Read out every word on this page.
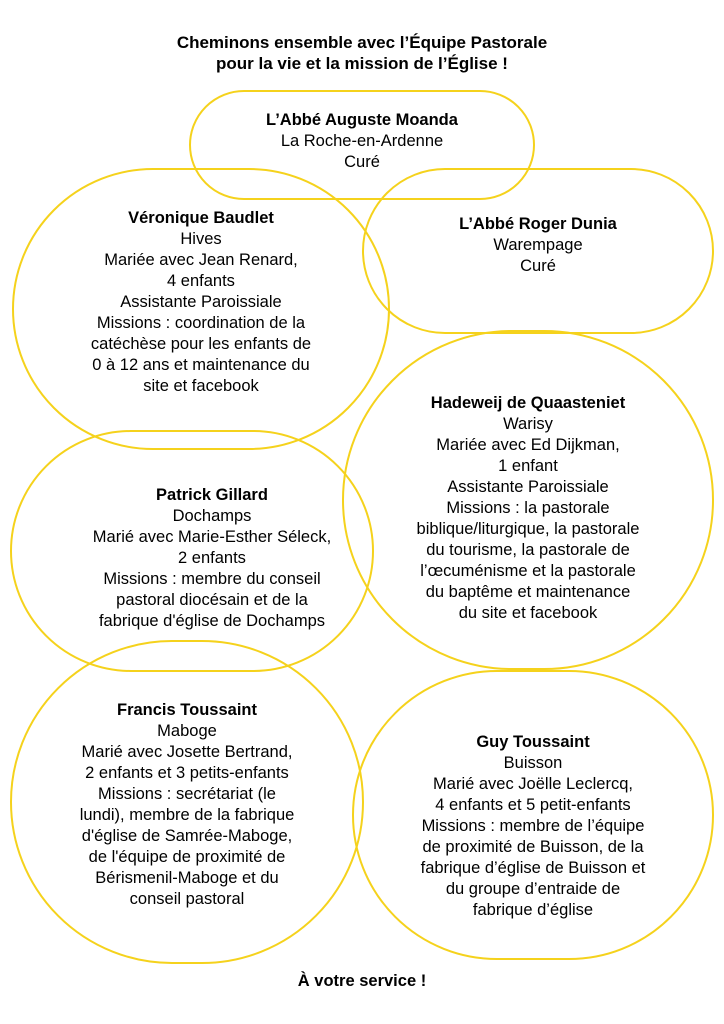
Cheminons ensemble avec l’Équipe Pastorale
pour la vie et la mission de l’Église !
L’Abbé Auguste Moanda
La Roche-en-Ardenne
Curé
Véronique Baudlet
Hives
Mariée avec Jean Renard,
4 enfants
Assistante Paroissiale
Missions : coordination de la
catéchèse pour les enfants de
0 à 12 ans et maintenance du
site et facebook
L’Abbé Roger Dunia
Warempage
Curé
Hadeweij de Quaasteniet
Warisy
Mariée avec Ed Dijkman,
1 enfant
Assistante Paroissiale
Missions : la pastorale
biblique/liturgique, la pastorale
du tourisme, la pastorale de
l’œcuménisme et la pastorale
du baptême et maintenance
du site et facebook
Patrick Gillard
Dochamps
Marié avec Marie-Esther Séleck,
2 enfants
Missions : membre du conseil
pastoral diocésain et de la
fabrique d'église de Dochamps
Francis Toussaint
Maboge
Marié avec Josette Bertrand,
2 enfants et 3 petits-enfants
Missions : secrétariat (le
lundi), membre de la fabrique
d'église de Samrée-Maboge,
de l'équipe de proximité de
Bérismenil-Maboge et du
conseil pastoral
Guy Toussaint
Buisson
Marié avec Joëlle Leclercq,
4 enfants et 5 petit-enfants
Missions : membre de l’équipe
de proximité de Buisson, de la
fabrique d’église de Buisson et
du groupe d’entraide de
fabrique d’église
À votre service !
